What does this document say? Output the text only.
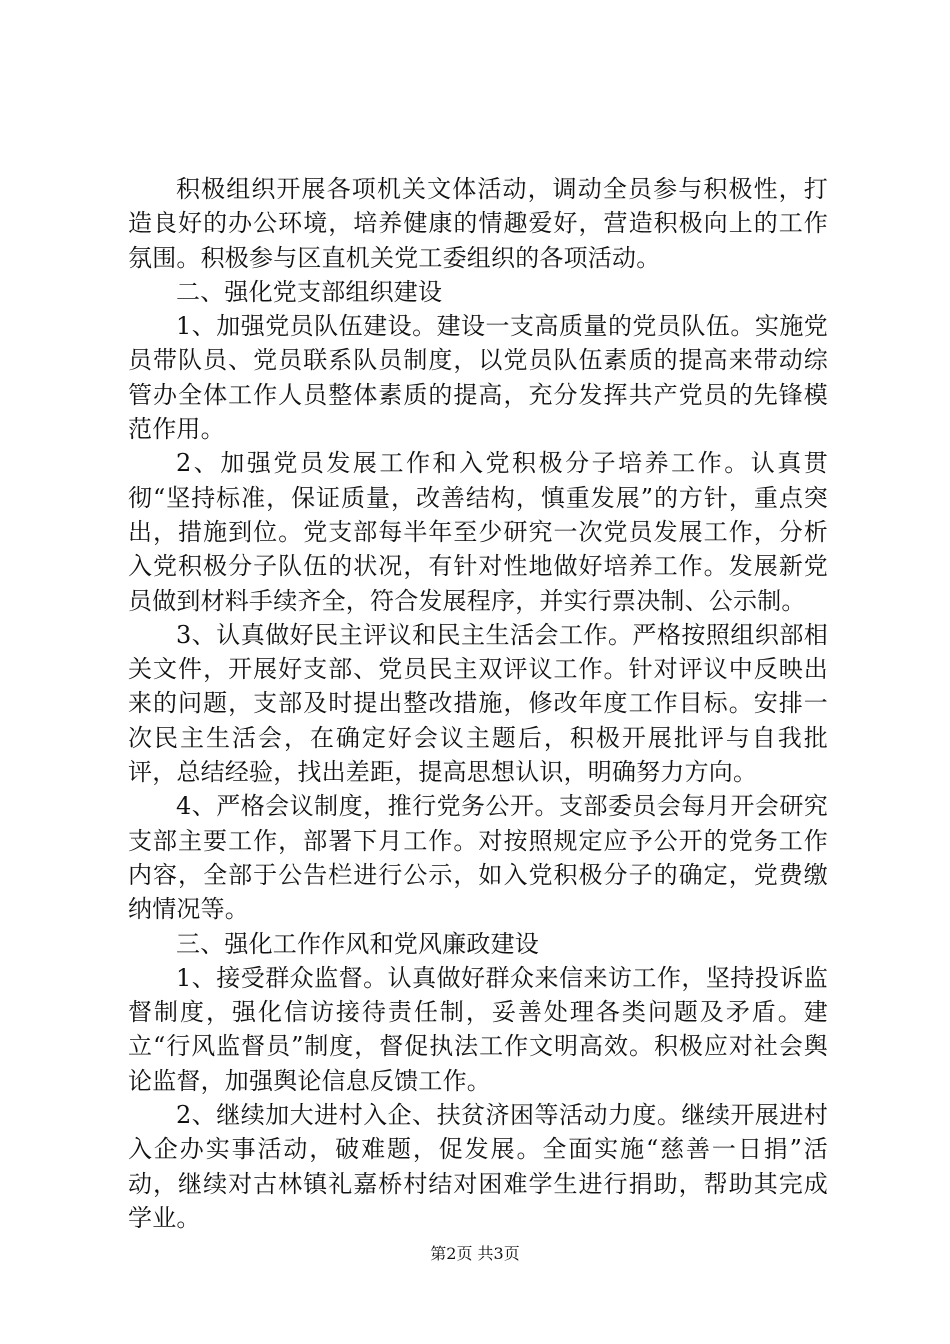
积极组织开展各项机关文体活动，调动全员参与积极性，打造良好的办公环境，培养健康的情趣爱好，营造积极向上的工作氛围。积极参与区直机关党工委组织的各项活动。

二、强化党支部组织建设

1、加强党员队伍建设。建设一支高质量的党员队伍。实施党员带队员、党员联系队员制度，以党员队伍素质的提高来带动综管办全体工作人员整体素质的提高，充分发挥共产党员的先锋模范作用。

2、加强党员发展工作和入党积极分子培养工作。认真贯彻“坚持标准，保证质量，改善结构，慎重发展”的方针，重点突出，措施到位。党支部每半年至少研究一次党员发展工作，分析入党积极分子队伍的状况，有针对性地做好培养工作。发展新党员做到材料手续齐全，符合发展程序，并实行票决制、公示制。

3、认真做好民主评议和民主生活会工作。严格按照组织部相关文件，开展好支部、党员民主双评议工作。针对评议中反映出来的问题，支部及时提出整改措施，修改年度工作目标。安排一次民主生活会，在确定好会议主题后，积极开展批评与自我批评，总结经验，找出差距，提高思想认识，明确努力方向。

4、严格会议制度，推行党务公开。支部委员会每月开会研究支部主要工作，部署下月工作。对按照规定应予公开的党务工作内容，全部于公告栏进行公示，如入党积极分子的确定，党费缴纳情况等。

三、强化工作作风和党风廉政建设

1、接受群众监督。认真做好群众来信来访工作，坚持投诉监督制度，强化信访接待责任制，妥善处理各类问题及矛盾。建立“行风监督员”制度，督促执法工作文明高效。积极应对社会舆论监督，加强舆论信息反馈工作。

2、继续加大进村入企、扶贫济困等活动力度。继续开展进村入企办实事活动，破难题，促发展。全面实施“慈善一日捐”活动，继续对古林镇礼嘉桥村结对困难学生进行捐助，帮助其完成学业。

第2页 共3页
